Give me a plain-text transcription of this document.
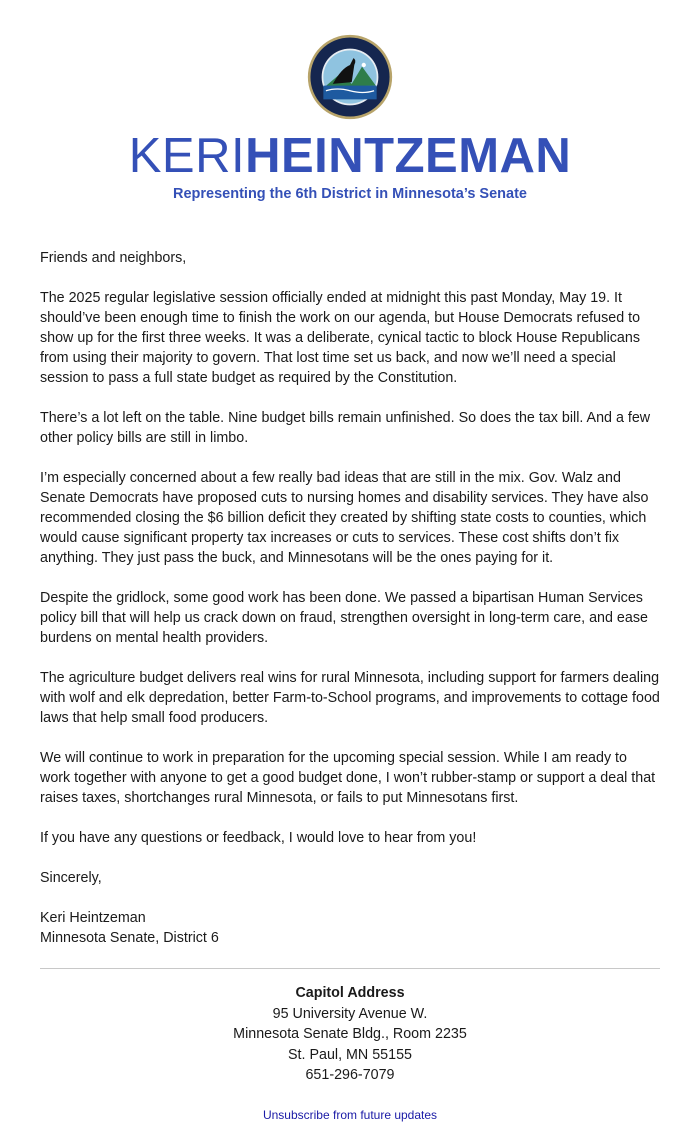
KERIHEINTZEMAN
Representing the 6th District in Minnesota’s Senate

Friends and neighbors,

The 2025 regular legislative session officially ended at midnight this past Monday, May 19. It should’ve been enough time to finish the work on our agenda, but House Democrats refused to show up for the first three weeks. It was a deliberate, cynical tactic to block House Republicans from using their majority to govern. That lost time set us back, and now we’ll need a special session to pass a full state budget as required by the Constitution.

There’s a lot left on the table. Nine budget bills remain unfinished. So does the tax bill. And a few other policy bills are still in limbo.

I’m especially concerned about a few really bad ideas that are still in the mix. Gov. Walz and Senate Democrats have proposed cuts to nursing homes and disability services. They have also recommended closing the $6 billion deficit they created by shifting state costs to counties, which would cause significant property tax increases or cuts to services. These cost shifts don’t fix anything. They just pass the buck, and Minnesotans will be the ones paying for it.

Despite the gridlock, some good work has been done. We passed a bipartisan Human Services policy bill that will help us crack down on fraud, strengthen oversight in long-term care, and ease burdens on mental health providers.

The agriculture budget delivers real wins for rural Minnesota, including support for farmers dealing with wolf and elk depredation, better Farm-to-School programs, and improvements to cottage food laws that help small food producers.

We will continue to work in preparation for the upcoming special session. While I am ready to work together with anyone to get a good budget done, I won’t rubber-stamp or support a deal that raises taxes, shortchanges rural Minnesota, or fails to put Minnesotans first.

If you have any questions or feedback, I would love to hear from you!

Sincerely,

Keri Heintzeman
Minnesota Senate, District 6

Capitol Address
95 University Avenue W.
Minnesota Senate Bldg., Room 2235
St. Paul, MN 55155
651-296-7079
Unsubscribe from future updates
